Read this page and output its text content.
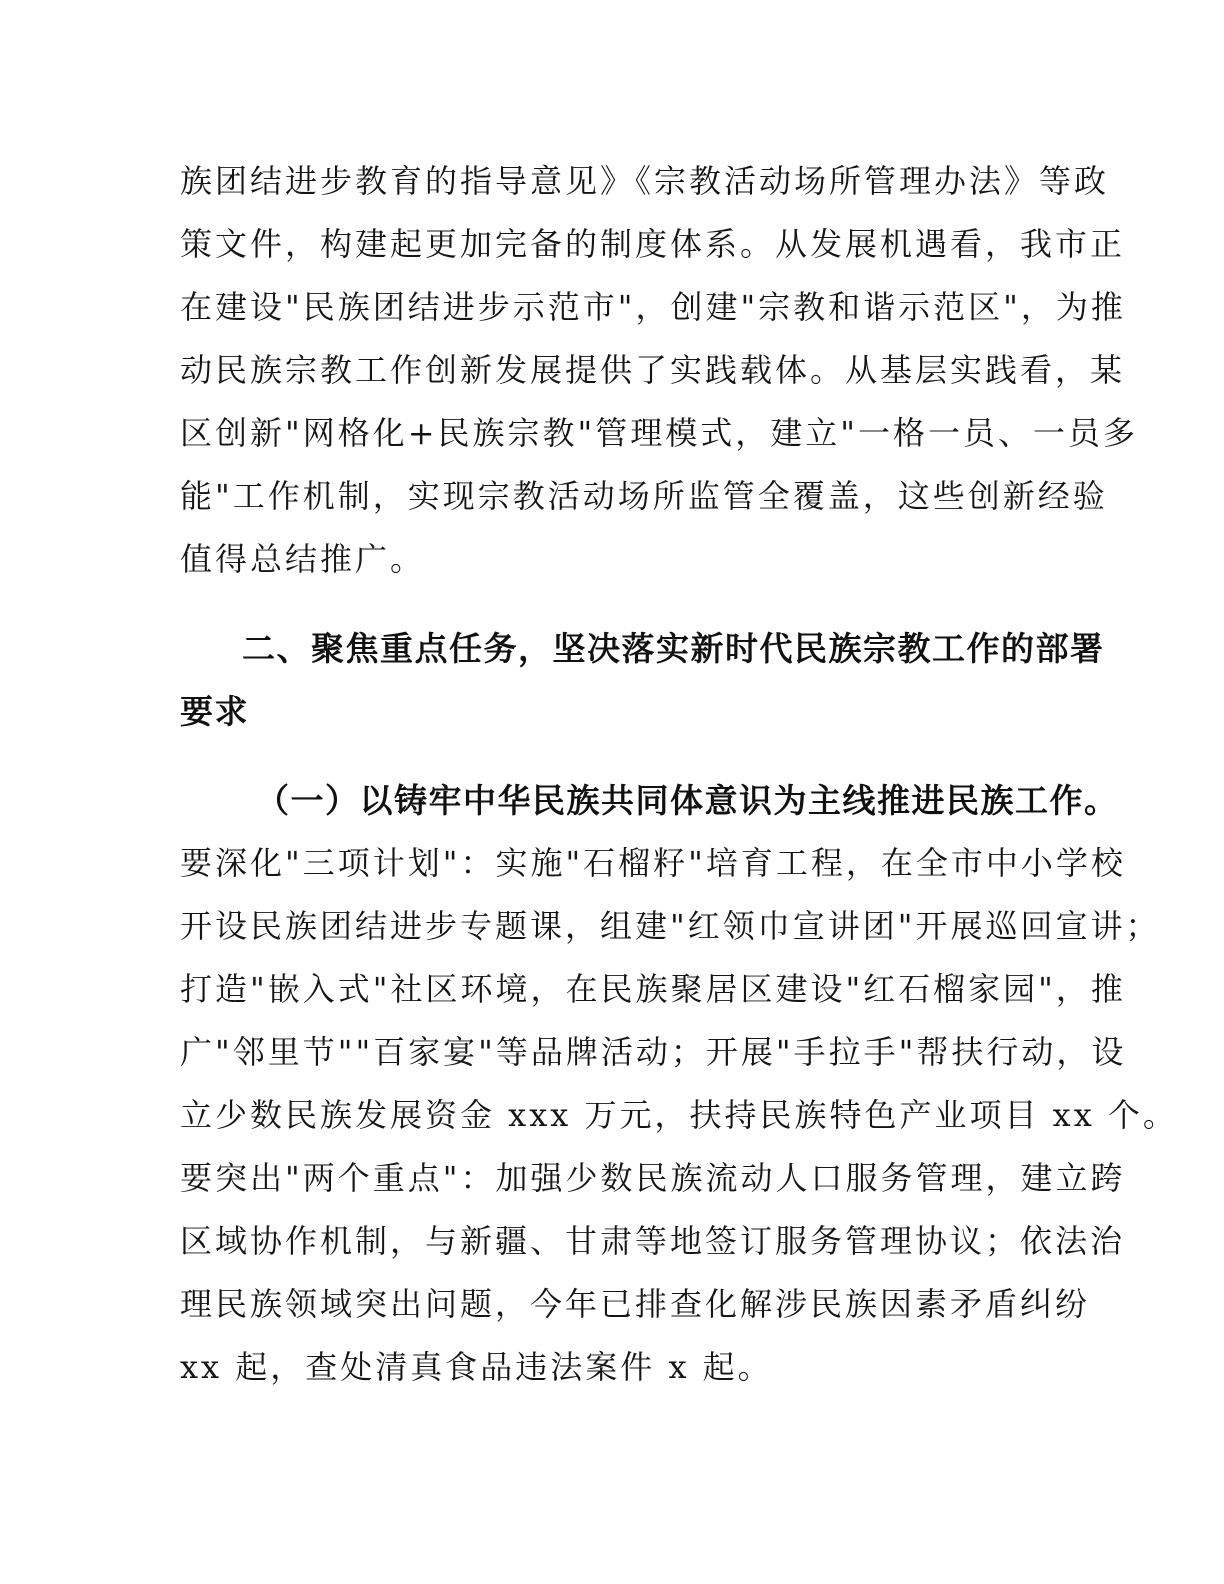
族团结进步教育的指导意见》《宗教活动场所管理办法》等政
策文件，构建起更加完备的制度体系。从发展机遇看，我市正
在建设"民族团结进步示范市"，创建"宗教和谐示范区"，为推
动民族宗教工作创新发展提供了实践载体。从基层实践看，某
区创新"网格化+民族宗教"管理模式，建立"一格一员、一员多
能"工作机制，实现宗教活动场所监管全覆盖，这些创新经验
值得总结推广。
二、聚焦重点任务，坚决落实新时代民族宗教工作的部署
要求
（一）以铸牢中华民族共同体意识为主线推进民族工作。
要深化"三项计划"：实施"石榴籽"培育工程，在全市中小学校
开设民族团结进步专题课，组建"红领巾宣讲团"开展巡回宣讲；
打造"嵌入式"社区环境，在民族聚居区建设"红石榴家园"，推
广"邻里节""百家宴"等品牌活动；开展"手拉手"帮扶行动，设
立少数民族发展资金 xxx 万元，扶持民族特色产业项目 xx 个。
要突出"两个重点"：加强少数民族流动人口服务管理，建立跨
区域协作机制，与新疆、甘肃等地签订服务管理协议；依法治
理民族领域突出问题，今年已排查化解涉民族因素矛盾纠纷
xx 起，查处清真食品违法案件 x 起。
